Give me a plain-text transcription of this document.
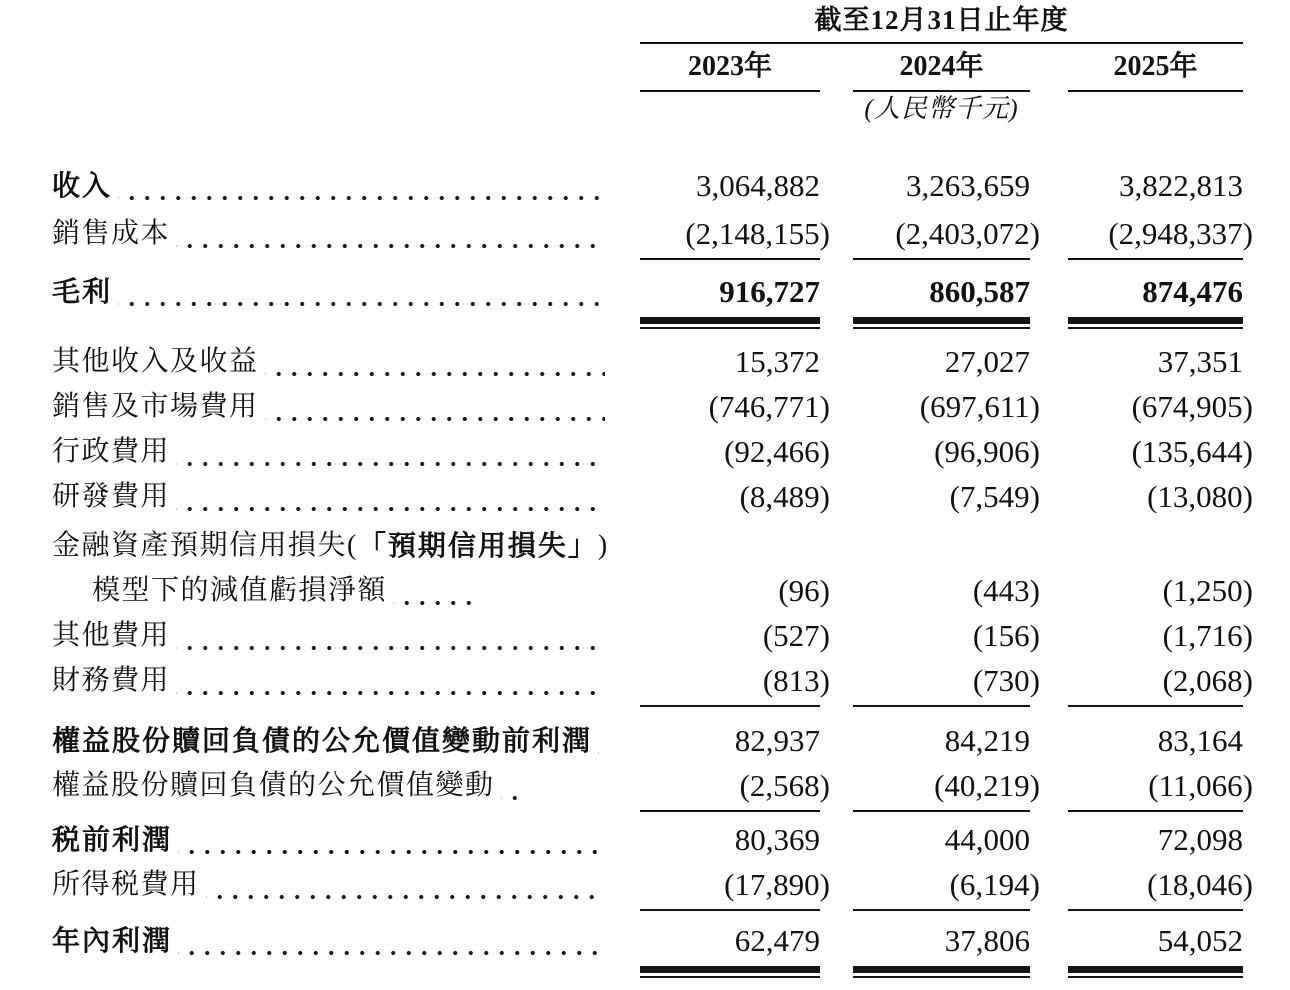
截至12月31日止年度
2023年	2024年	2025年
(人民幣千元)
收入	3,064,882	3,263,659	3,822,813
銷售成本	(2,148,155) (2,403,072) (2,948,337)
毛利	916,727	860,587	874,476
其他收入及收益	15,372	27,027	37,351
銷售及市場費用	(746,771)	(697,611)	(674,905)
行政費用	(92,466)	(96,906)	(135,644)
研發費用	(8,489)	(7,549)	(13,080)
金融資產預期信用損失( 「預期信用損失」 )
模型下的減值虧損淨額	(96)	(443)	(1,250)
其他費用	(527)	(156)	(1,716)
財務費用	(813)	(730)	(2,068)
權益股份贖回負債的公允價值變動前利潤	82,937	84,219	83,164
權益股份贖回負債的公允價值變動	(2,568)	(40,219)	(11,066)
税前利潤	80,369	44,000	72,098
所得税費用	(17,890)	(6,194)	(18,046)
年內利潤	62,479	37,806	54,052
